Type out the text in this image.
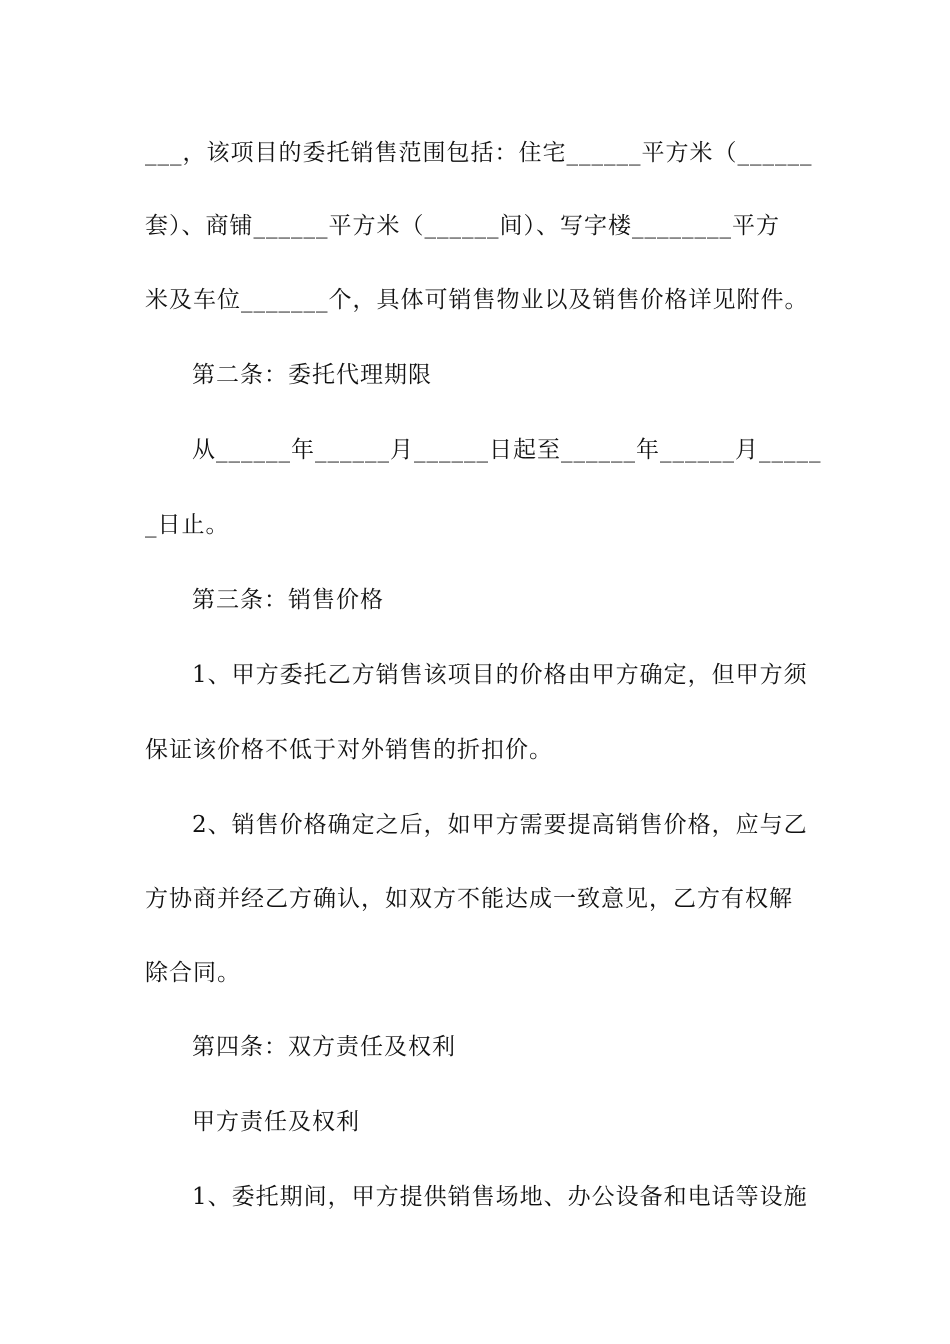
___，该项目的委托销售范围包括：住宅______平方米（______
套）、商铺______平方米（______间）、写字楼________平方
米及车位_______个，具体可销售物业以及销售价格详见附件。
第二条：委托代理期限
从______年______月______日起至______年______月_____
_日止。
第三条：销售价格
1、甲方委托乙方销售该项目的价格由甲方确定，但甲方须
保证该价格不低于对外销售的折扣价。
2、销售价格确定之后，如甲方需要提高销售价格，应与乙
方协商并经乙方确认，如双方不能达成一致意见，乙方有权解
除合同。
第四条：双方责任及权利
甲方责任及权利
1、委托期间，甲方提供销售场地、办公设备和电话等设施
